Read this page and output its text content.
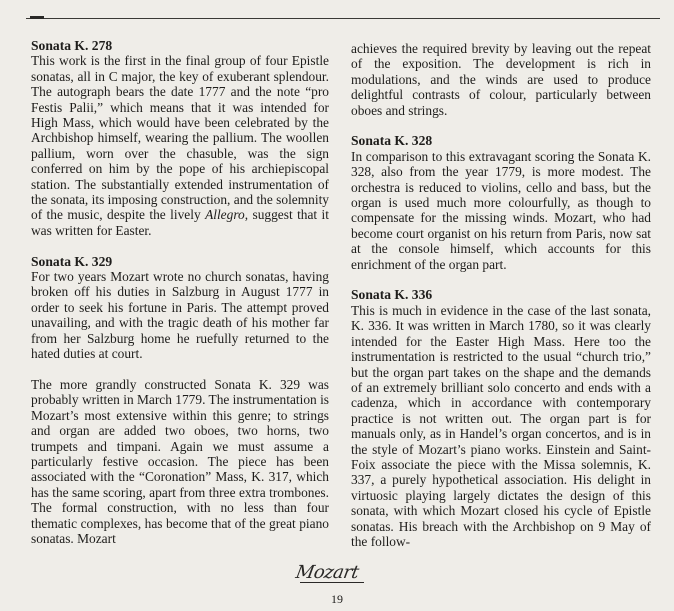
Sonata K. 278

This work is the first in the final group of four Epistle sonatas, all in C major, the key of exuberant splendour. The autograph bears the date 1777 and the note “pro Festis Palii,” which means that it was intended for High Mass, which would have been celebrated by the Archbishop himself, wearing the pallium. The woollen pallium, worn over the chasuble, was the sign conferred on him by the pope of his archiepiscopal station. The substantially extended instrumentation of the sonata, its imposing construction, and the solemnity of the music, despite the lively Allegro, suggest that it was written for Easter.

Sonata K. 329

For two years Mozart wrote no church sonatas, having broken off his duties in Salzburg in August 1777 in order to seek his fortune in Paris. The attempt proved unavailing, and with the tragic death of his mother far from her Salzburg home he ruefully returned to the hated duties at court.

The more grandly constructed Sonata K. 329 was probably written in March 1779. The instrumentation is Mozart’s most extensive within this genre; to strings and organ are added two oboes, two horns, two trumpets and timpani. Again we must assume a particularly festive occasion. The piece has been associated with the “Coronation” Mass, K. 317, which has the same scoring, apart from three extra trombones. The formal construction, with no less than four thematic complexes, has become that of the great piano sonatas. Mozart

achieves the required brevity by leaving out the repeat of the exposition. The development is rich in modulations, and the winds are used to produce delightful contrasts of colour, particularly between oboes and strings.

Sonata K. 328

In comparison to this extravagant scoring the Sonata K. 328, also from the year 1779, is more modest. The orchestra is reduced to violins, cello and bass, but the organ is used much more colourfully, as though to compensate for the missing winds. Mozart, who had become court organist on his return from Paris, now sat at the console himself, which accounts for this enrichment of the organ part.

Sonata K. 336

This is much in evidence in the case of the last sonata, K. 336. It was written in March 1780, so it was clearly intended for the Easter High Mass. Here too the instrumentation is restricted to the usual “church trio,” but the organ part takes on the shape and the demands of an extremely brilliant solo concerto and ends with a cadenza, which in accordance with contemporary practice is not written out. The organ part is for manuals only, as in Handel’s organ concertos, and is in the style of Mozart’s piano works. Einstein and Saint-Foix associate the piece with the Missa solemnis, K. 337, a purely hypothetical association. His delight in virtuosic playing largely dictates the design of this sonata, with which Mozart closed his cycle of Epistle sonatas. His breach with the Archbishop on 9 May of the follow-

Mozart
19
